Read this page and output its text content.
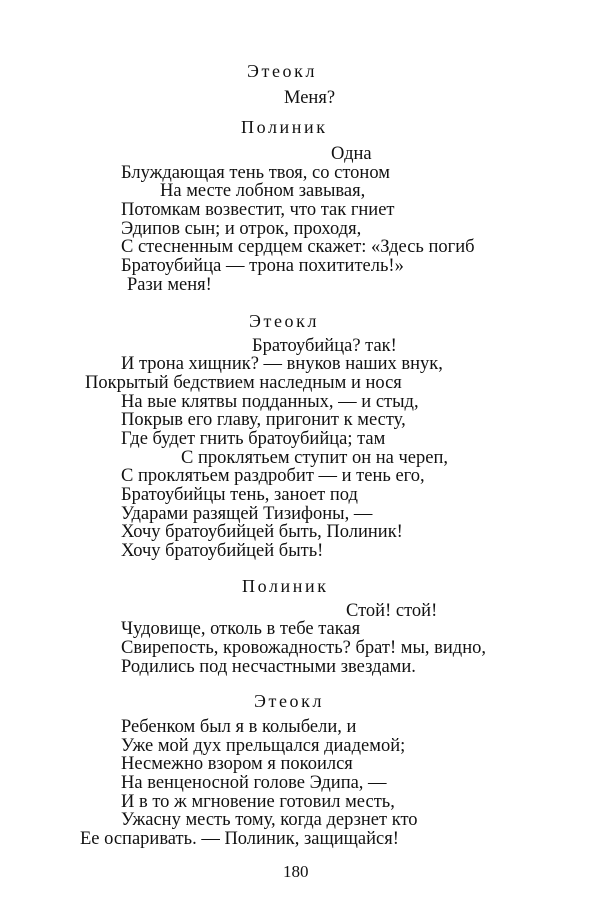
Этеокл
Меня?
Полиник
Одна
Блуждающая тень твоя, со стоном
На месте лобном завывая,
Потомкам возвестит, что так гниет
Эдипов сын; и отрок, проходя,
С стесненным сердцем скажет: «Здесь погиб
Братоубийца — трона похититель!»
Рази меня!
Этеокл
Братоубийца? так!
И трона хищник? — внуков наших внук,
Покрытый бедствием наследным и нося
На вые клятвы подданных, — и стыд,
Покрыв его главу, пригонит к месту,
Где будет гнить братоубийца; там
С проклятьем ступит он на череп,
С проклятьем раздробит — и тень его,
Братоубийцы тень, заноет под
Ударами разящей Тизифоны, —
Хочу братоубийцей быть, Полиник!
Хочу братоубийцей быть!
Полиник
Стой! стой!
Чудовище, отколь в тебе такая
Свирепость, кровожадность? брат! мы, видно,
Родились под несчастными звездами.
Этеокл
Ребенком был я в колыбели, и
Уже мой дух прельщался диадемой;
Несмежно взором я покоился
На венценосной голове Эдипа, —
И в то ж мгновение готовил месть,
Ужасну месть тому, когда дерзнет кто
Ее оспаривать. — Полиник, защищайся!
180
